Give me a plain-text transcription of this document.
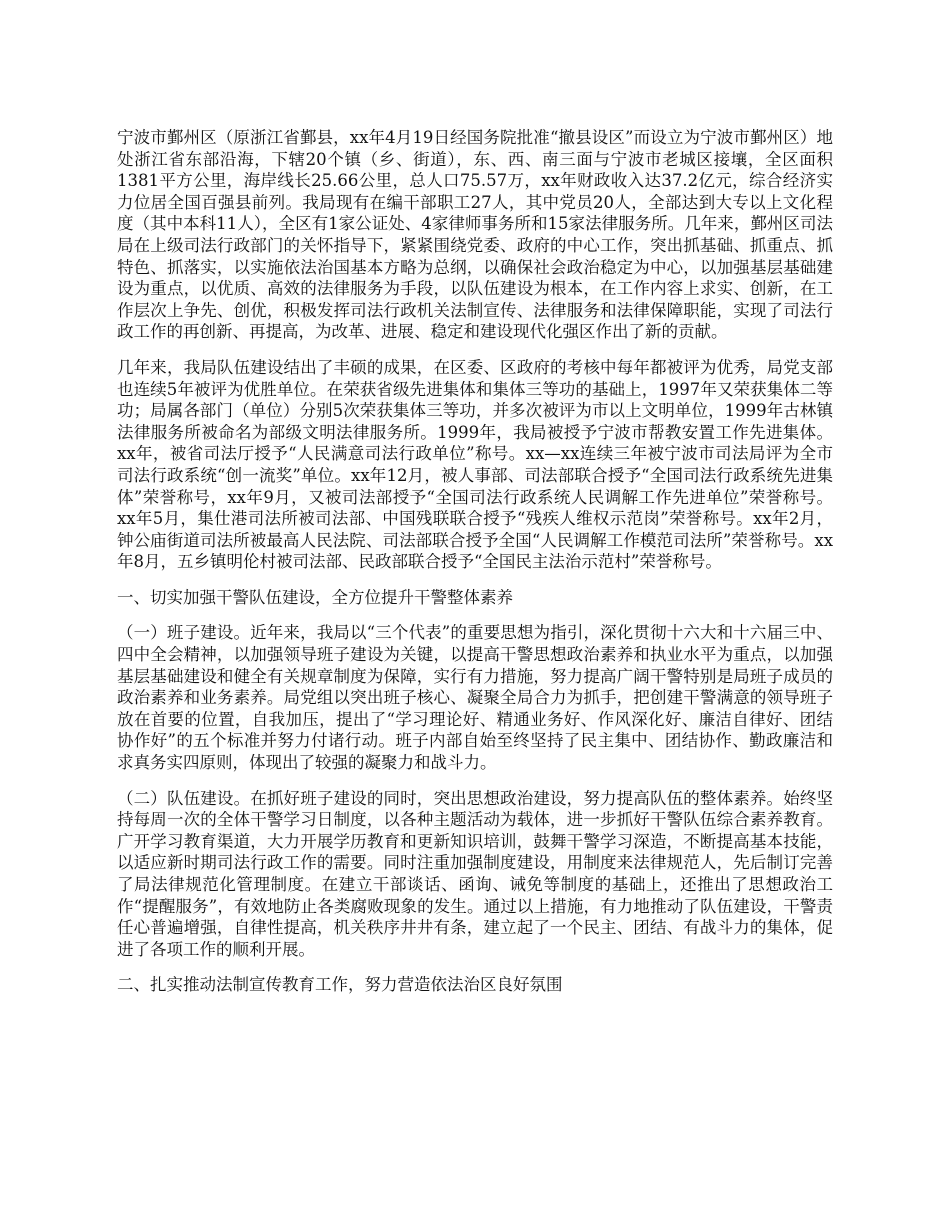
宁波市鄞州区（原浙江省鄞县，xx年4月19日经国务院批准“撤县设区”而设立为宁波市鄞州区）地处浙江省东部沿海，下辖20个镇（乡、街道），东、西、南三面与宁波市老城区接壤，全区面积1381平方公里，海岸线长25.66公里，总人口75.57万，xx年财政收入达37.2亿元，综合经济实力位居全国百强县前列。我局现有在编干部职工27人，其中党员20人，全部达到大专以上文化程度（其中本科11人），全区有1家公证处、4家律师事务所和15家法律服务所。几年来，鄞州区司法局在上级司法行政部门的关怀指导下，紧紧围绕党委、政府的中心工作，突出抓基础、抓重点、抓特色、抓落实，以实施依法治国基本方略为总纲，以确保社会政治稳定为中心，以加强基层基础建设为重点，以优质、高效的法律服务为手段，以队伍建设为根本，在工作内容上求实、创新，在工作层次上争先、创优，积极发挥司法行政机关法制宣传、法律服务和法律保障职能，实现了司法行政工作的再创新、再提高，为改革、进展、稳定和建设现代化强区作出了新的贡献。

几年来，我局队伍建设结出了丰硕的成果，在区委、区政府的考核中每年都被评为优秀，局党支部也连续5年被评为优胜单位。在荣获省级先进集体和集体三等功的基础上，1997年又荣获集体二等功；局属各部门（单位）分别5次荣获集体三等功，并多次被评为市以上文明单位，1999年古林镇法律服务所被命名为部级文明法律服务所。1999年，我局被授予宁波市帮教安置工作先进集体。xx年，被省司法厅授予“人民满意司法行政单位”称号。xx—xx连续三年被宁波市司法局评为全市司法行政系统“创一流奖”单位。xx年12月，被人事部、司法部联合授予“全国司法行政系统先进集体”荣誉称号，xx年9月，又被司法部授予“全国司法行政系统人民调解工作先进单位”荣誉称号。xx年5月，集仕港司法所被司法部、中国残联联合授予“残疾人维权示范岗”荣誉称号。xx年2月，钟公庙街道司法所被最高人民法院、司法部联合授予全国“人民调解工作模范司法所”荣誉称号。xx年8月，五乡镇明伦村被司法部、民政部联合授予“全国民主法治示范村”荣誉称号。

一、切实加强干警队伍建设，全方位提升干警整体素养

（一）班子建设。近年来，我局以“三个代表”的重要思想为指引，深化贯彻十六大和十六届三中、四中全会精神，以加强领导班子建设为关键，以提高干警思想政治素养和执业水平为重点，以加强基层基础建设和健全有关规章制度为保障，实行有力措施，努力提高广阔干警特别是局班子成员的政治素养和业务素养。局党组以突出班子核心、凝聚全局合力为抓手，把创建干警满意的领导班子放在首要的位置，自我加压，提出了“学习理论好、精通业务好、作风深化好、廉洁自律好、团结协作好”的五个标准并努力付诸行动。班子内部自始至终坚持了民主集中、团结协作、勤政廉洁和求真务实四原则，体现出了较强的凝聚力和战斗力。

（二）队伍建设。在抓好班子建设的同时，突出思想政治建设，努力提高队伍的整体素养。始终坚持每周一次的全体干警学习日制度，以各种主题活动为载体，进一步抓好干警队伍综合素养教育。广开学习教育渠道，大力开展学历教育和更新知识培训，鼓舞干警学习深造，不断提高基本技能，以适应新时期司法行政工作的需要。同时注重加强制度建设，用制度来法律规范人，先后制订完善了局法律规范化管理制度。在建立干部谈话、函询、诫免等制度的基础上，还推出了思想政治工作“提醒服务”，有效地防止各类腐败现象的发生。通过以上措施，有力地推动了队伍建设，干警责任心普遍增强，自律性提高，机关秩序井井有条，建立起了一个民主、团结、有战斗力的集体，促进了各项工作的顺利开展。

二、扎实推动法制宣传教育工作，努力营造依法治区良好氛围
